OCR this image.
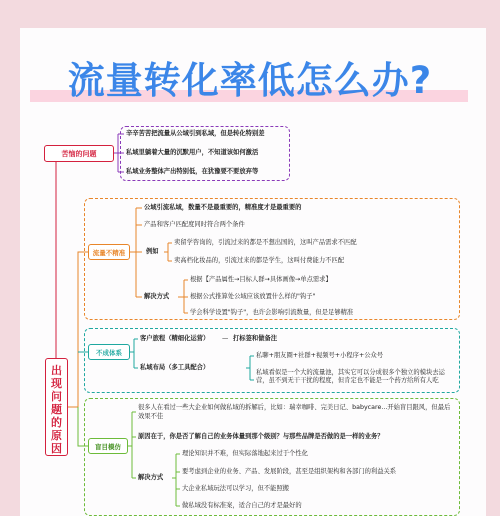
流量转化率低怎么办?
出
现
问
题
的
原
因
苦恼的问题
辛辛苦苦把流量从公域引到私域，但是转化特别差
私域里躺着大量的沉默用户，不知道该如何激活
私域业务整体产出特别低，在犹豫要不要放弃等
流量不精准
公域引流私域，数量不是最重要的，精准度才是最重要的
产品和客户匹配度同时符合两个条件
例如
卖留学咨询的，引流过来的都是不想出国的，这叫产品需求不匹配
卖高档化妆品的，引流过来的都是学生，这叫付费能力不匹配
解决方式
根据【产品属性→目标人群→具体画像→单点需求】
根据公式推算处公域应该放置什么样的"钩子"
学会科学设置"钩子"，也许会影响引流数量，但是足够精准
不成体系
客户旅程（精细化运营） — 打标签和做备注
私域布局（多工具配合）
私聊+朋友圈+社群+视频号+小程序+公众号
私域看似是一个大的流量池，其实它可以分成很多个独立的模块去运营，虽不到无干干扰的程度，但肯定也不能是一个药方给所有人吃
盲目模仿
很多人在看过一些大企业如何做私域的拆解后，比如：瑞幸咖啡、完美日记、babycare...开始盲目跟风，但最后效果不佳
原因在于，你是否了解自己的业务体量到那个级别？与那些品牌是否做的是一样的业务？
解决方式
理论知识并不难，但实际落地起来过于个性化
要考虑到企业的业务、产品、发展阶段，甚至是组织架构和各部门的利益关系
大企业私域玩法可以学习，但不能照搬
做私域没有标准案，适合自己的才是最好的
